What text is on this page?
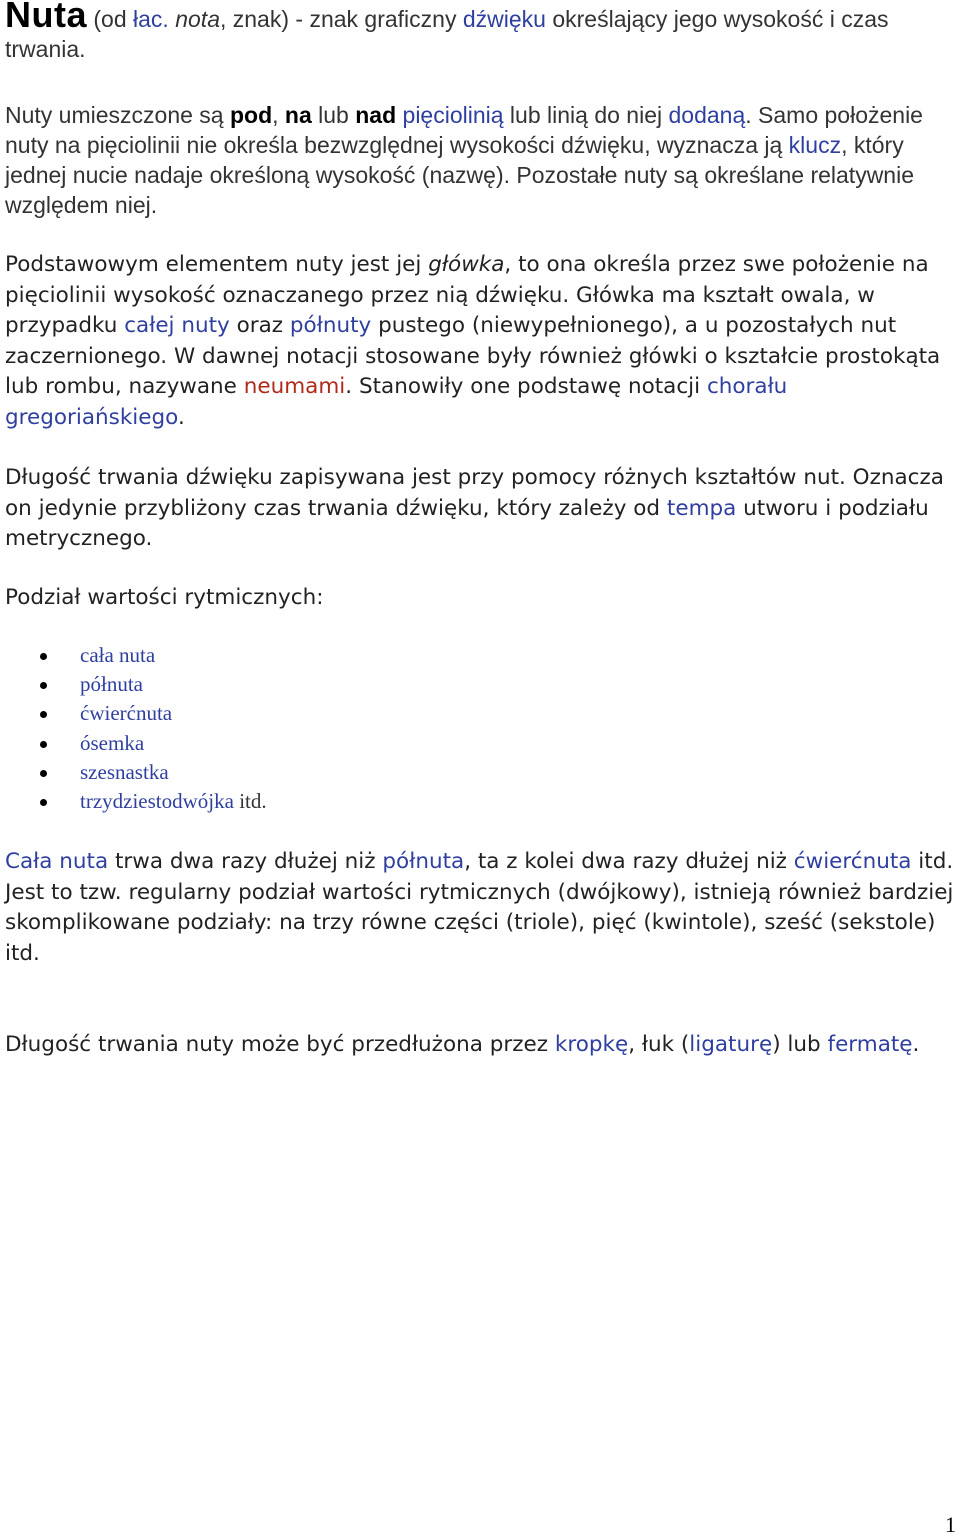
Nuta (od łac. nota, znak) - znak graficzny dźwięku określający jego wysokość i czas trwania.
Nuty umieszczone są pod, na lub nad pięciolinią lub linią do niej dodaną. Samo położenie nuty na pięciolinii nie określa bezwzględnej wysokości dźwięku, wyznacza ją klucz, który jednej nucie nadaje określoną wysokość (nazwę). Pozostałe nuty są określane relatywnie względem niej.
Podstawowym elementem nuty jest jej główka, to ona określa przez swe położenie na pięciolinii wysokość oznaczanego przez nią dźwięku. Główka ma kształt owala, w przypadku całej nuty oraz półnuty pustego (niewypełnionego), a u pozostałych nut zaczernionego. W dawnej notacji stosowane były również główki o kształcie prostokąta lub rombu, nazywane neumami. Stanowiły one podstawę notacji chorału gregoriańskiego.
Długość trwania dźwięku zapisywana jest przy pomocy różnych kształtów nut. Oznacza on jedynie przybliżony czas trwania dźwięku, który zależy od tempa utworu i podziału metrycznego.
Podział wartości rytmicznych:
cała nuta
półnuta
ćwierćnuta
ósemka
szesnastka
trzydziestodwójka itd.
Cała nuta trwa dwa razy dłużej niż półnuta, ta z kolei dwa razy dłużej niż ćwierćnuta itd.
Jest to tzw. regularny podział wartości rytmicznych (dwójkowy), istnieją również bardziej skomplikowane podziały: na trzy równe części (triole), pięć (kwintole), sześć (sekstole) itd.
Długość trwania nuty może być przedłużona przez kropkę, łuk (ligaturę) lub fermatę.
1
